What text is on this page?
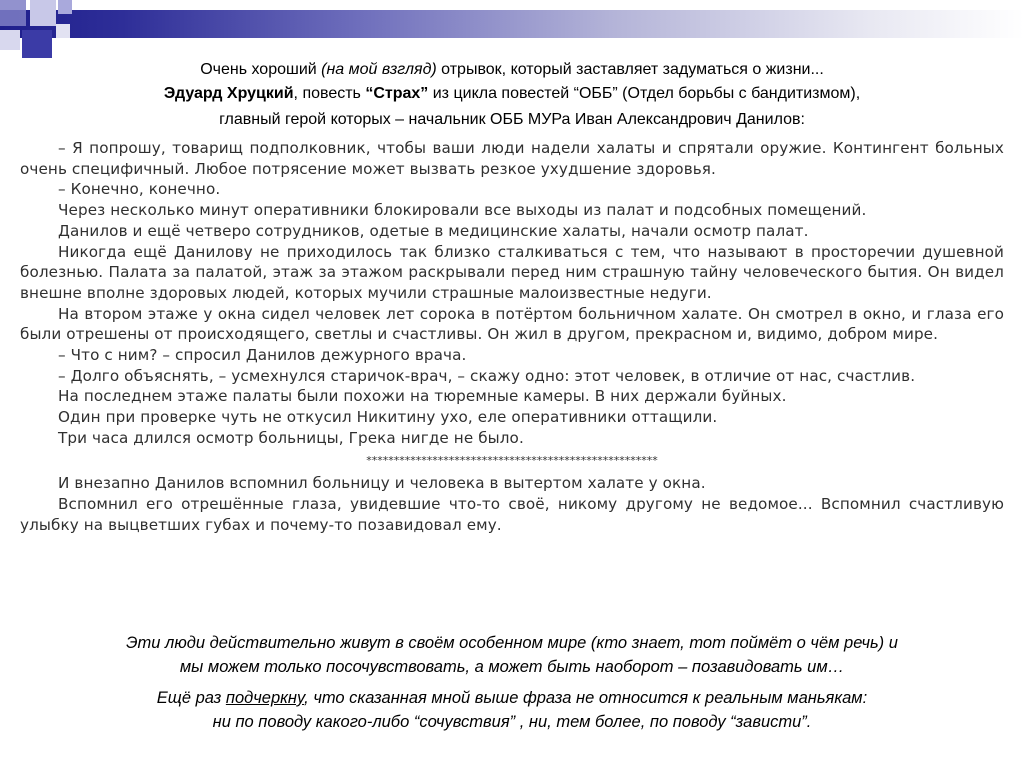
Очень хороший (на мой взгляд) отрывок, который заставляет задуматься о жизни...
Эдуард Хруцкий, повесть “Страх” из цикла повестей “ОББ” (Отдел борьбы с бандитизмом),
главный герой которых – начальник ОББ МУРа Иван Александрович Данилов:

– Я попрошу, товарищ подполковник, чтобы ваши люди надели халаты и спрятали оружие. Контингент больных очень специфичный. Любое потрясение может вызвать резкое ухудшение здоровья.

– Конечно, конечно.

Через несколько минут оперативники блокировали все выходы из палат и подсобных помещений.

Данилов и ещё четверо сотрудников, одетые в медицинские халаты, начали осмотр палат.

Никогда ещё Данилову не приходилось так близко сталкиваться с тем, что называют в просторечии душевной болезнью. Палата за палатой, этаж за этажом раскрывали перед ним страшную тайну человеческого бытия. Он видел внешне вполне здоровых людей, которых мучили страшные малоизвестные недуги.

На втором этаже у окна сидел человек лет сорока в потёртом больничном халате. Он смотрел в окно, и глаза его были отрешены от происходящего, светлы и счастливы. Он жил в другом, прекрасном и, видимо, добром мире.

– Что с ним? – спросил Данилов дежурного врача.

– Долго объяснять, – усмехнулся старичок-врач, – скажу одно: этот человек, в отличие от нас, счастлив.

На последнем этаже палаты были похожи на тюремные камеры. В них держали буйных.

Один при проверке чуть не откусил Никитину ухо, еле оперативники оттащили.

Три часа длился осмотр больницы, Грека нигде не было.

*****************************************************

И внезапно Данилов вспомнил больницу и человека в вытертом халате у окна.

Вспомнил его отрешённые глаза, увидевшие что-то своё, никому другому не ведомое... Вспомнил счастливую улыбку на выцветших губах и почему-то позавидовал ему.

Эти люди действительно живут в своём особенном мире (кто знает, тот поймёт о чём речь) и
мы можем только посочувствовать, а может быть наоборот – позавидовать им…
Ещё раз подчеркну, что сказанная мной выше фраза не относится к реальным маньякам:
ни по поводу какого-либо “сочувствия” , ни, тем более, по поводу “зависти”.
